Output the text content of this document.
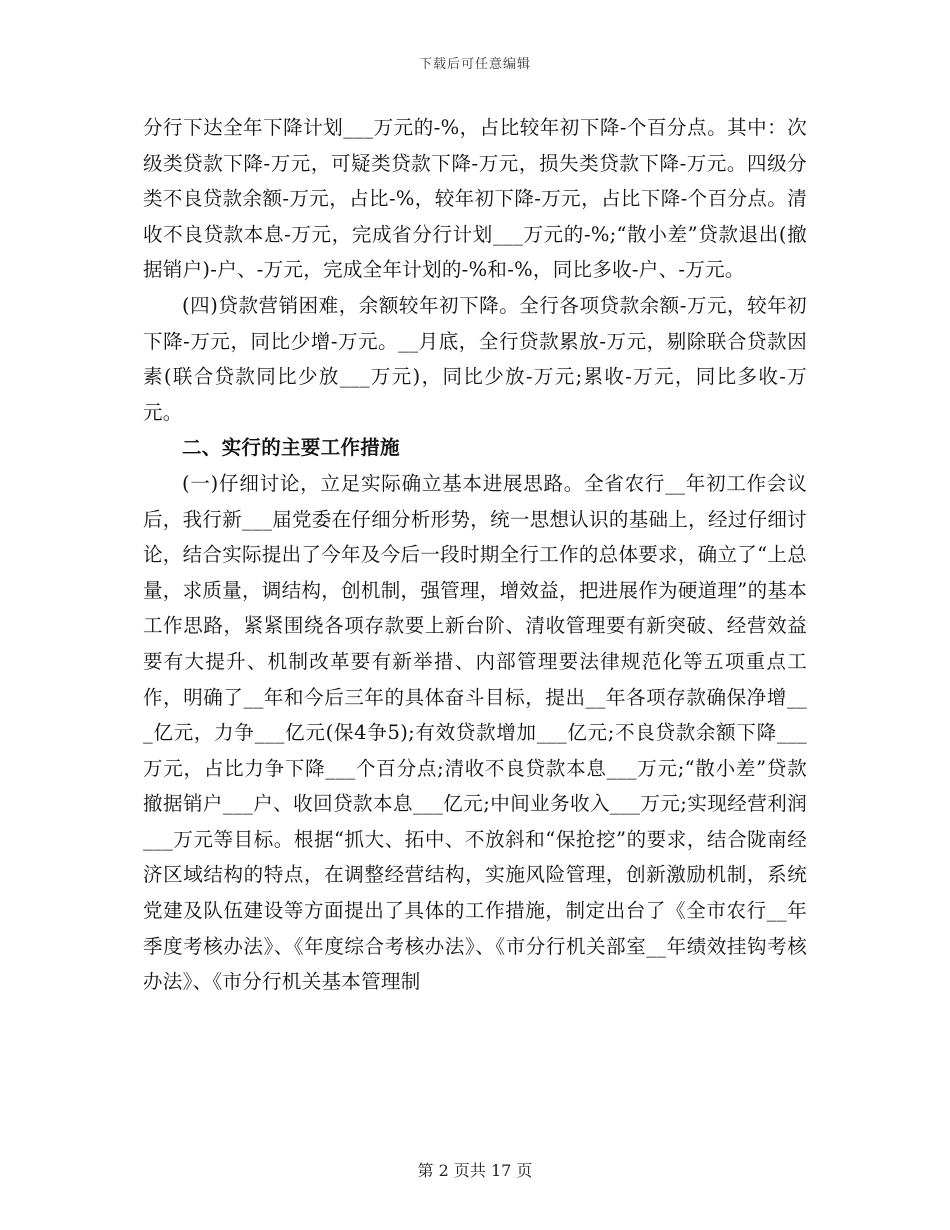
下载后可任意编辑

分行下达全年下降计划___万元的-%，占比较年初下降-个百分点。其中：次级类贷款下降-万元，可疑类贷款下降-万元，损失类贷款下降-万元。四级分类不良贷款余额-万元，占比-%，较年初下降-万元，占比下降-个百分点。清收不良贷款本息-万元，完成省分行计划___万元的-%;“散小差”贷款退出(撤据销户)-户、-万元，完成全年计划的-%和-%，同比多收-户、-万元。

(四)贷款营销困难，余额较年初下降。全行各项贷款余额-万元，较年初下降-万元，同比少增-万元。__月底，全行贷款累放-万元，剔除联合贷款因素(联合贷款同比少放___万元)，同比少放-万元;累收-万元，同比多收-万元。

二、实行的主要工作措施

(一)仔细讨论，立足实际确立基本进展思路。全省农行__年初工作会议后，我行新___届党委在仔细分析形势，统一思想认识的基础上，经过仔细讨论，结合实际提出了今年及今后一段时期全行工作的总体要求，确立了“上总量，求质量，调结构，创机制，强管理，增效益，把进展作为硬道理”的基本工作思路，紧紧围绕各项存款要上新台阶、清收管理要有新突破、经营效益要有大提升、机制改革要有新举措、内部管理要法律规范化等五项重点工作，明确了__年和今后三年的具体奋斗目标，提出__年各项存款确保净增___亿元，力争___亿元(保4争5);有效贷款增加___亿元;不良贷款余额下降___万元，占比力争下降___个百分点;清收不良贷款本息___万元;“散小差”贷款撤据销户___户、收回贷款本息___亿元;中间业务收入___万元;实现经营利润___万元等目标。根据“抓大、拓中、不放斜和“保抢挖”的要求，结合陇南经济区域结构的特点，在调整经营结构，实施风险管理，创新激励机制，系统党建及队伍建设等方面提出了具体的工作措施，制定出台了《全市农行__年季度考核办法》、《年度综合考核办法》、《市分行机关部室__年绩效挂钩考核办法》、《市分行机关基本管理制

第 2 页共 17 页
